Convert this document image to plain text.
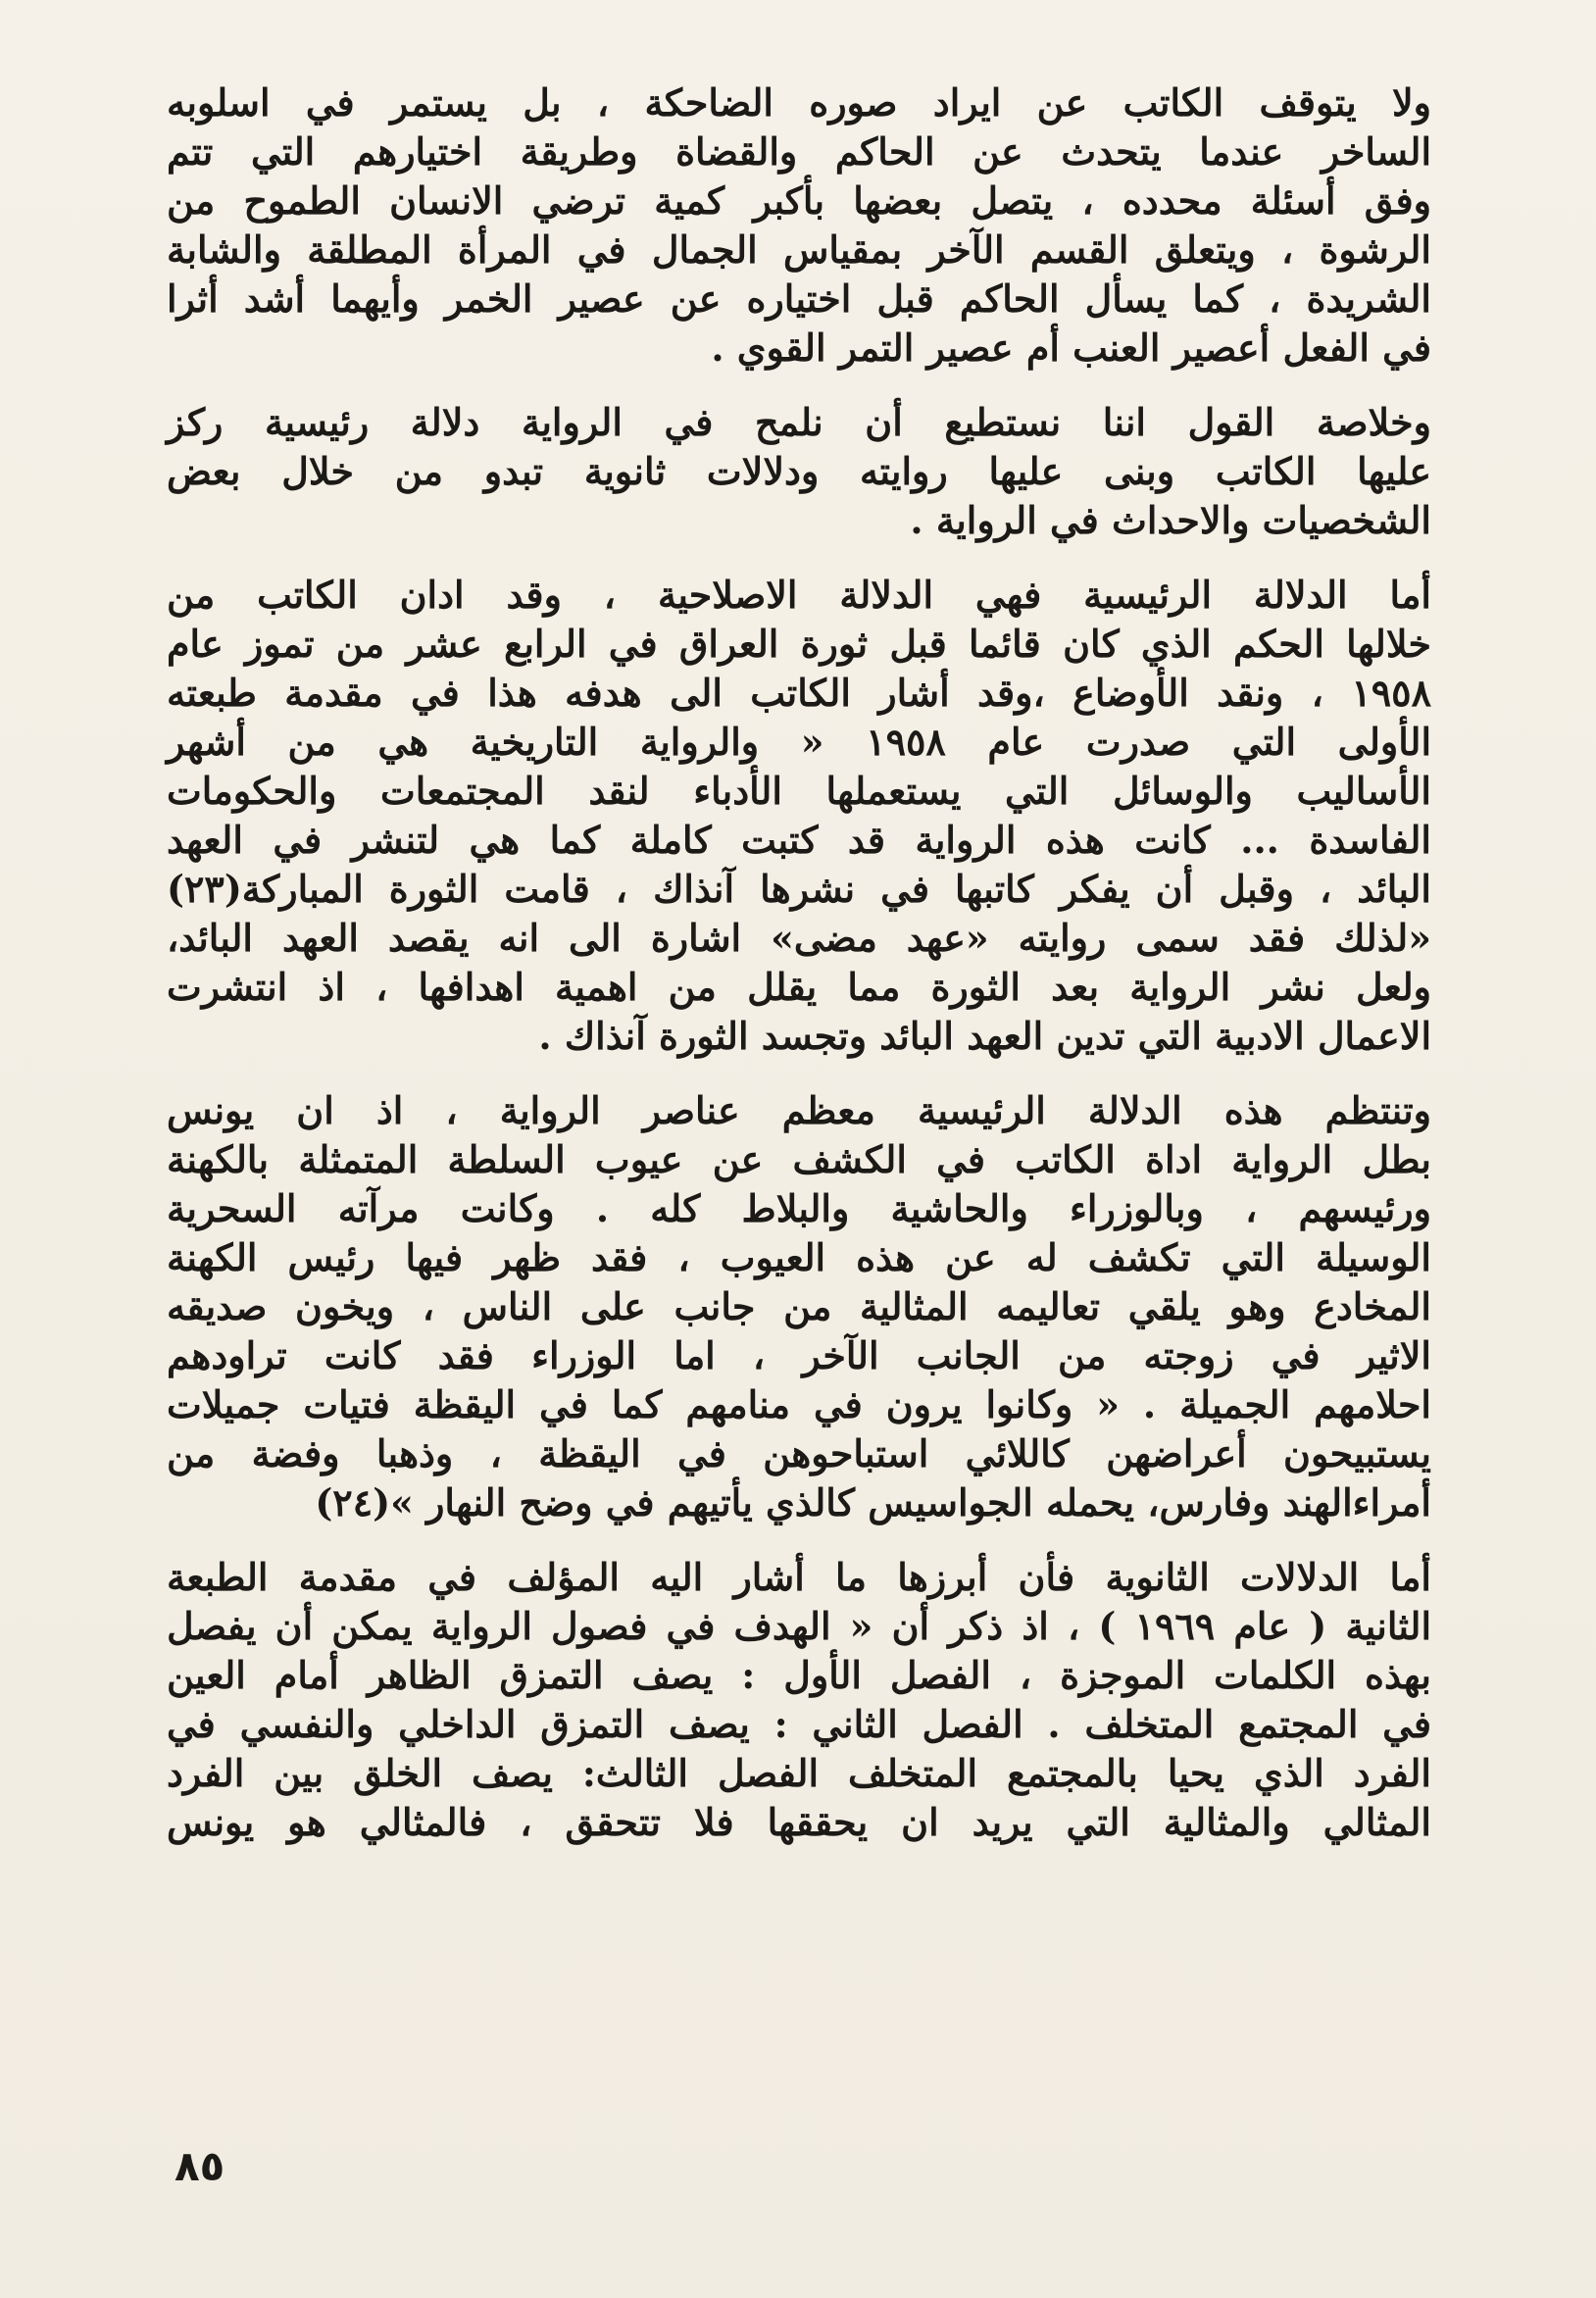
ولا يتوقف الكاتب عن ايراد صوره الضاحكة ، بل يستمر في اسلوبه
الساخر عندما يتحدث عن الحاكم والقضاة وطريقة اختيارهم التي تتم
وفق أسئلة محدده ، يتصل بعضها بأكبر كمية ترضي الانسان الطموح من
الرشوة ، ويتعلق القسم الآخر بمقياس الجمال في المرأة المطلقة والشابة
الشريدة ، كما يسأل الحاكم قبل اختياره عن عصير الخمر وأيهما أشد أثرا
في الفعل أعصير العنب أم عصير التمر القوي .
وخلاصة القول اننا نستطيع أن نلمح في الرواية دلالة رئيسية ركز
عليها الكاتب وبنى عليها روايته ودلالات ثانوية تبدو من خلال بعض
الشخصيات والاحداث في الرواية .
أما الدلالة الرئيسية فهي الدلالة الاصلاحية ، وقد ادان الكاتب من
خلالها الحكم الذي كان قائما قبل ثورة العراق في الرابع عشر من تموز عام
١٩٥٨ ، ونقد الأوضاع ،وقد أشار الكاتب الى هدفه هذا في مقدمة طبعته
الأولى التي صدرت عام ١٩٥٨ « والرواية التاريخية هي من أشهر
الأساليب والوسائل التي يستعملها الأدباء لنقد المجتمعات والحكومات
الفاسدة ... كانت هذه الرواية قد كتبت كاملة كما هي لتنشر في العهد
البائد ، وقبل أن يفكر كاتبها في نشرها آنذاك ، قامت الثورة المباركة(٢٣)
«لذلك فقد سمى روايته «عهد مضى» اشارة الى انه يقصد العهد البائد،
ولعل نشر الرواية بعد الثورة مما يقلل من اهمية اهدافها ، اذ انتشرت
الاعمال الادبية التي تدين العهد البائد وتجسد الثورة آنذاك .
وتنتظم هذه الدلالة الرئيسية معظم عناصر الرواية ، اذ ان يونس
بطل الرواية اداة الكاتب في الكشف عن عيوب السلطة المتمثلة بالكهنة
ورئيسهم ، وبالوزراء والحاشية والبلاط كله . وكانت مرآته السحرية
الوسيلة التي تكشف له عن هذه العيوب ، فقد ظهر فيها رئيس الكهنة
المخادع وهو يلقي تعاليمه المثالية من جانب على الناس ، ويخون صديقه
الاثير في زوجته من الجانب الآخر ، اما الوزراء فقد كانت تراودهم
احلامهم الجميلة . « وكانوا يرون في منامهم كما في اليقظة فتيات جميلات
يستبيحون أعراضهن كاللائي استباحوهن في اليقظة ، وذهبا وفضة من
أمراءالهند وفارس، يحمله الجواسيس كالذي يأتيهم في وضح النهار »(٢٤)
أما الدلالات الثانوية فأن أبرزها ما أشار اليه المؤلف في مقدمة الطبعة
الثانية ( عام ١٩٦٩ ) ، اذ ذكر أن « الهدف في فصول الرواية يمكن أن يفصل
بهذه الكلمات الموجزة ، الفصل الأول : يصف التمزق الظاهر أمام العين
في المجتمع المتخلف . الفصل الثاني : يصف التمزق الداخلي والنفسي في
الفرد الذي يحيا بالمجتمع المتخلف الفصل الثالث: يصف الخلق بين الفرد
المثالي والمثالية التي يريد ان يحققها فلا تتحقق ، فالمثالي هو يونس
٨٥
